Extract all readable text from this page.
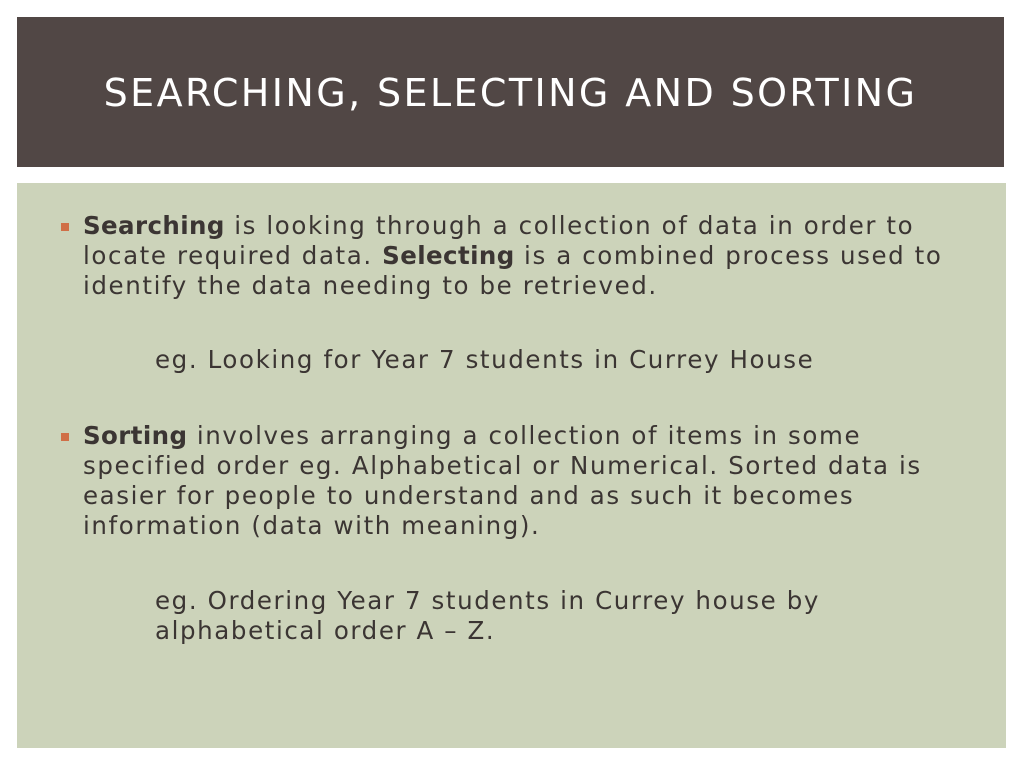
SEARCHING, SELECTING AND SORTING
Searching is looking through a collection of data in order to locate required data. Selecting is a combined process used to identify the data needing to be retrieved.
eg. Looking for Year 7 students in Currey House
Sorting involves arranging a collection of items in some specified order eg. Alphabetical or Numerical. Sorted data is easier for people to understand and as such it becomes information (data with meaning).
eg. Ordering Year 7 students in Currey house by alphabetical order A – Z.
